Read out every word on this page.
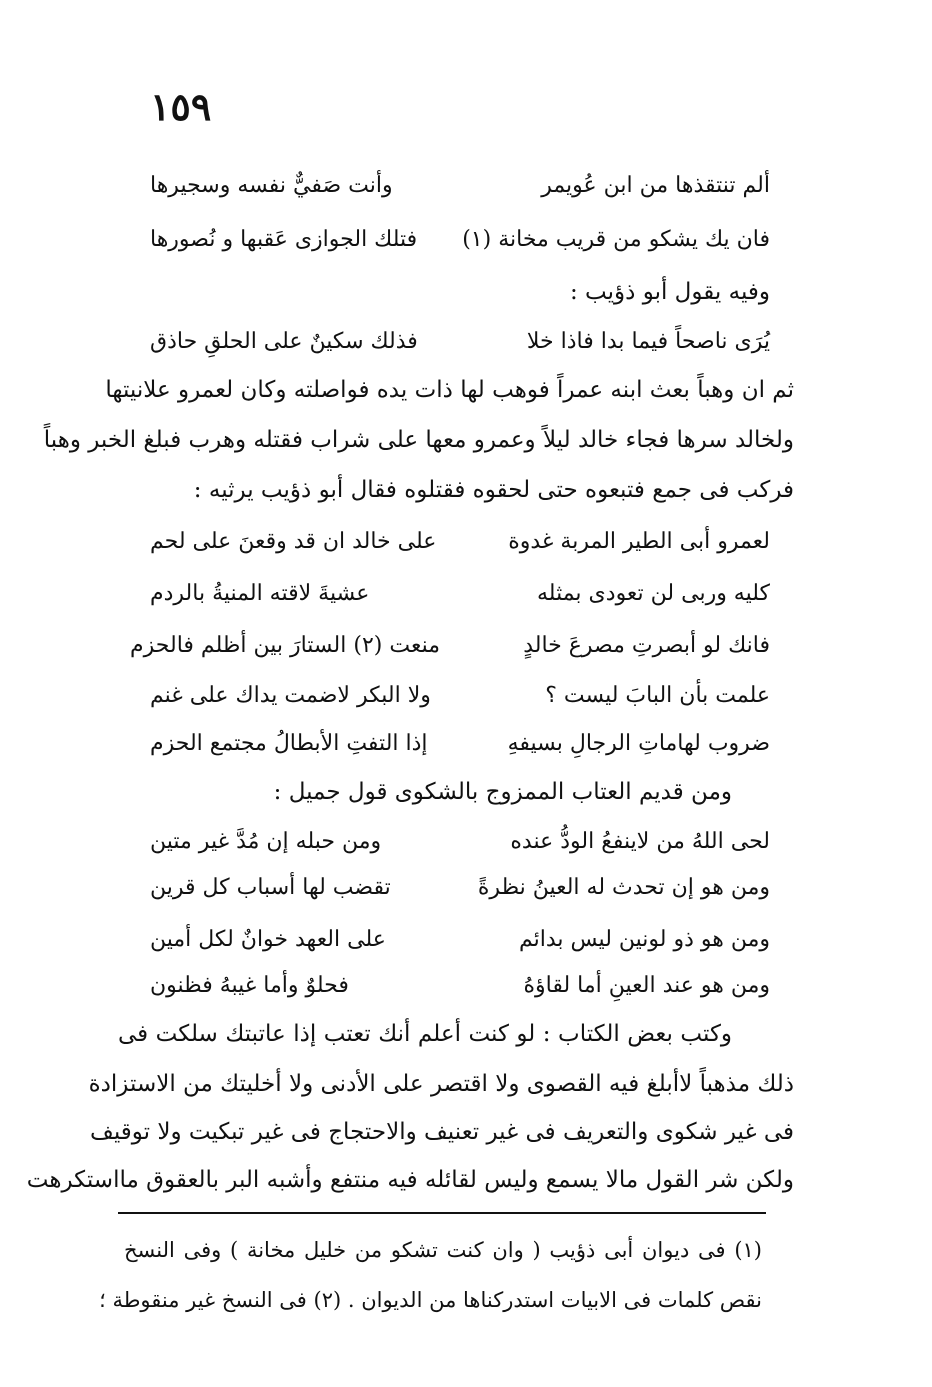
١٥٩
ألم تنتقذها من ابن عُويمر
وأنت صَفيٌّ نفسه وسجيرها
فان يك يشكو من قريب مخانة (١)
فتلك الجوازى عَقبها و نُصورها
وفيه يقول أبو ذؤيب :
يُرَى ناصحاً فيما بدا فاذا خلا
فذلك سكينٌ على الحلقِ حاذق
ثم ان وهباً بعث ابنه عمراً فوهب لها ذات يده فواصلته وكان لعمرو علانيتها
ولخالد سرها فجاء خالد ليلاً وعمرو معها على شراب فقتله وهرب فبلغ الخبر وهباً
فركب فى جمع فتبعوه حتى لحقوه فقتلوه فقال أبو ذؤيب يرثيه :
لعمرو أبى الطير المربة غدوة
على خالد ان قد وقعنَ على لحم
كليه وربى لن تعودى بمثله
عشيةَ لاقته المنيةُ بالردم
فانك لو أبصرتِ مصرعَ خالدٍ
منعت (٢) الستارَ بين أظلم فالحزم
علمت بأن البابَ ليست ؟
ولا البكر لاضمت يداك على غنم
ضروب لهاماتِ الرجالِ بسيفهِ
إذا التفتِ الأبطالُ مجتمع الحزم
ومن قديم العتاب الممزوج بالشكوى قول جميل :
لحى اللهُ من لاينفعُ الودُّ عنده
ومن حبله إن مُدَّ غير متين
ومن هو إن تحدث له العينُ نظرةً
تقضب لها أسباب كل قرين
ومن هو ذو لونين ليس بدائم
على العهد خوانٌ لكل أمين
ومن هو عند العينِ أما لقاؤهُ
فحلوٌ وأما غيبهُ فظنون
وكتب بعض الكتاب : لو كنت أعلم أنك تعتب إذا عاتبتك سلكت فى
ذلك مذهباً لاأبلغ فيه القصوى ولا اقتصر على الأدنى ولا أخليتك من الاستزادة
فى غير شكوى والتعريف فى غير تعنيف والاحتجاج فى غير تبكيت ولا توقيف
ولكن شر القول مالا يسمع وليس لقائله فيه منتفع وأشبه البر بالعقوق مااستكرهت
(١) فى ديوان أبى ذؤيب ( وان كنت تشكو من خليل مخانة ) وفى النسخ
نقص كلمات فى الابيات استدركناها من الديوان . (٢) فى النسخ غير منقوطة ؛
